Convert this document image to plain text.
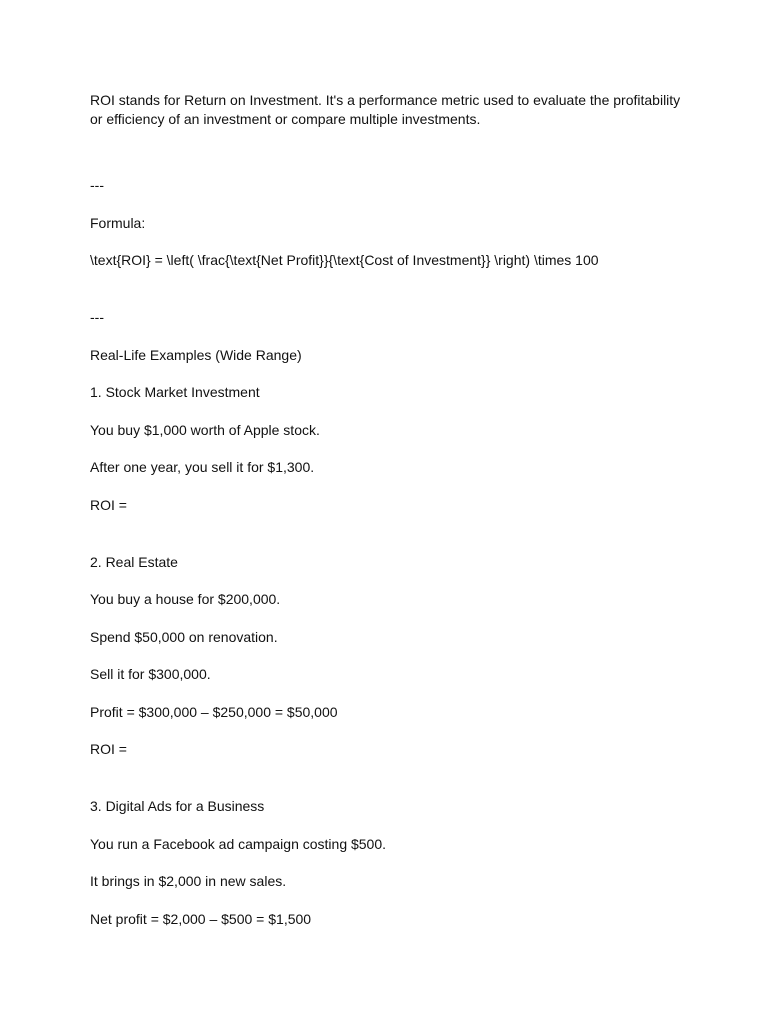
ROI stands for Return on Investment. It's a performance metric used to evaluate the profitability or efficiency of an investment or compare multiple investments.

---

Formula:

\text{ROI} = \left( \frac{\text{Net Profit}}{\text{Cost of Investment}} \right) \times 100

---

Real-Life Examples (Wide Range)

1. Stock Market Investment

You buy $1,000 worth of Apple stock.

After one year, you sell it for $1,300.

ROI =

2. Real Estate

You buy a house for $200,000.

Spend $50,000 on renovation.

Sell it for $300,000.

Profit = $300,000 – $250,000 = $50,000

ROI =

3. Digital Ads for a Business

You run a Facebook ad campaign costing $500.

It brings in $2,000 in new sales.

Net profit = $2,000 – $500 = $1,500
